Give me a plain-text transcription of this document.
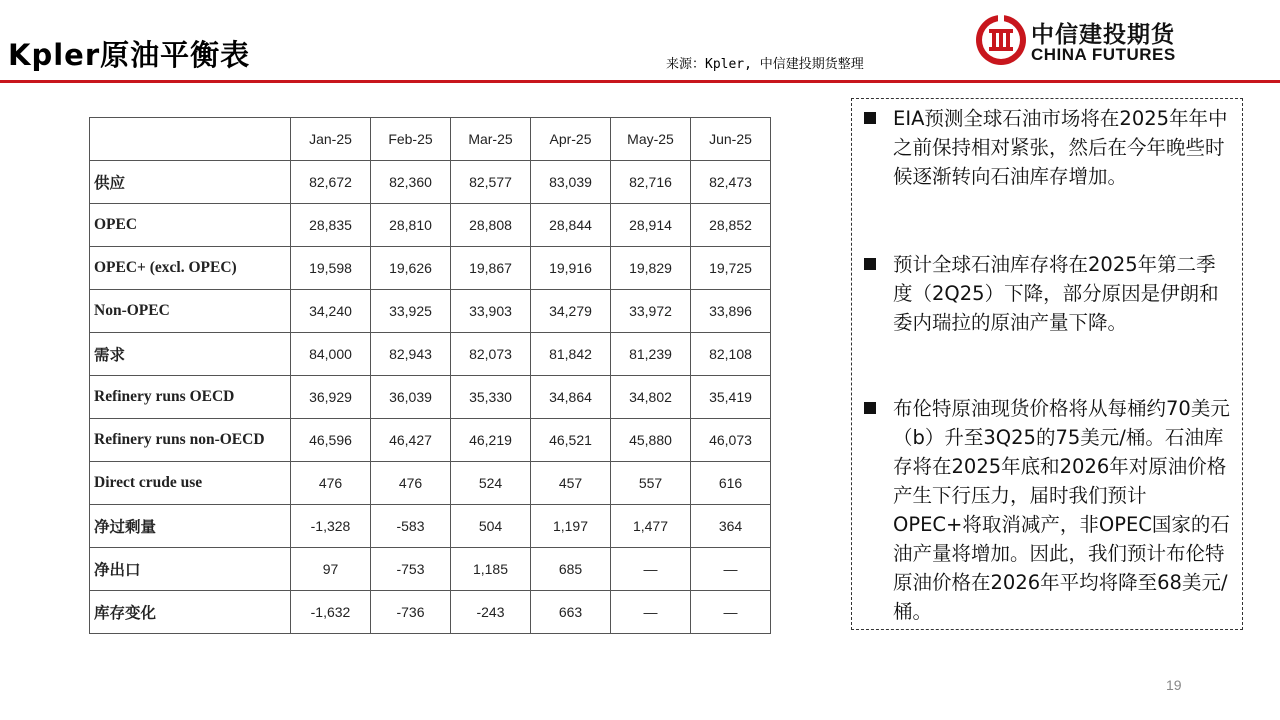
Kpler原油平衡表	来源：Kpler, 中信建投期货整理
中信建投期货
CHINA FUTURES
	Jan-25	Feb-25	Mar-25	Apr-25	May-25	Jun-25
供应	82,672	82,360	82,577	83,039	82,716	82,473
OPEC	28,835	28,810	28,808	28,844	28,914	28,852
OPEC+ (excl. OPEC)	19,598	19,626	19,867	19,916	19,829	19,725
Non-OPEC	34,240	33,925	33,903	34,279	33,972	33,896
需求	84,000	82,943	82,073	81,842	81,239	82,108
Refinery runs OECD	36,929	36,039	35,330	34,864	34,802	35,419
Refinery runs non-OECD	46,596	46,427	46,219	46,521	45,880	46,073
Direct crude use	476	476	524	457	557	616
净过剩量	-1,328	-583	504	1,197	1,477	364
净出口	97	-753	1,185	685	—	—
库存变化	-1,632	-736	-243	663	—	—
EIA预测全球石油市场将在2025年年中之前保持相对紧张，然后在今年晚些时候逐渐转向石油库存增加。
预计全球石油库存将在2025年第二季度（2Q25）下降，部分原因是伊朗和委内瑞拉的原油产量下降。
布伦特原油现货价格将从每桶约70美元（b）升至3Q25的75美元/桶。石油库存将在2025年底和2026年对原油价格产生下行压力，届时我们预计OPEC+将取消减产，非OPEC国家的石油产量将增加。因此，我们预计布伦特原油价格在2026年平均将降至68美元/桶。
19
